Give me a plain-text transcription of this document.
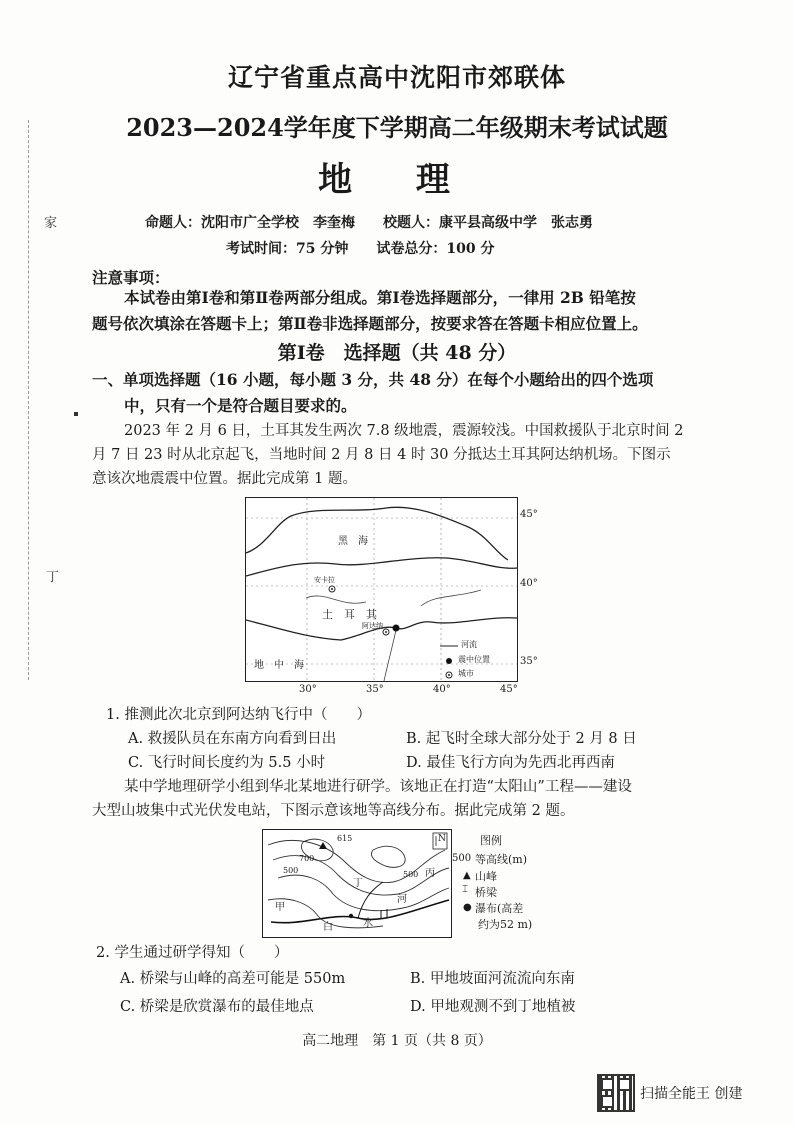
家
丁
辽宁省重点高中沈阳市郊联体
2023—2024学年度下学期高二年级期末考试试题
地 理
命题人：沈阳市广全学校　李奎梅　　校题人：康平县高级中学　张志勇
考试时间：75 分钟　　试卷总分：100 分
注意事项：
本试卷由第Ⅰ卷和第Ⅱ卷两部分组成。第Ⅰ卷选择题部分，一律用 2B 铅笔按
题号依次填涂在答题卡上；第Ⅱ卷非选择题部分，按要求答在答题卡相应位置上。
第Ⅰ卷　选择题（共 48 分）
一、单项选择题（16 小题，每小题 3 分，共 48 分）在每个小题给出的四个选项
中，只有一个是符合题目要求的。
2023 年 2 月 6 日，土耳其发生两次 7.8 级地震，震源较浅。中国救援队于北京时间 2
月 7 日 23 时从北京起飞，当地时间 2 月 8 日 4 时 30 分抵达土耳其阿达纳机场。下图示
意该次地震震中位置。据此完成第 1 题。
黑　海
土　耳　其
地　中　海
安卡拉
阿达纳
河流
震中位置
城市
45°
40°
35°
30°	35°	40°	45°
1. 推测此次北京到阿达纳飞行中（　　）
A. 救援队员在东南方向看到日出	B. 起飞时全球大部分处于 2 月 8 日
C. 飞行时间长度约为 5.5 小时	D. 最佳飞行方向为先西北再西南
某中学地理研学小组到华北某地进行研学。该地正在打造“太阳山”工程——建设
大型山坡集中式光伏发电站，下图示意该地等高线分布。据此完成第 2 题。
615
700
500	500
甲
白	水
河
丙
丁
N	图例
500 等高线(m)
▲ 山峰
⌶ 桥梁
● 瀑布(高差
约为52 m)
2. 学生通过研学得知（　　）
A. 桥梁与山峰的高差可能是 550m	B. 甲地坡面河流流向东南
C. 桥梁是欣赏瀑布的最佳地点	D. 甲地观测不到丁地植被
高二地理　第 1 页（共 8 页）
扫描全能王 创建
